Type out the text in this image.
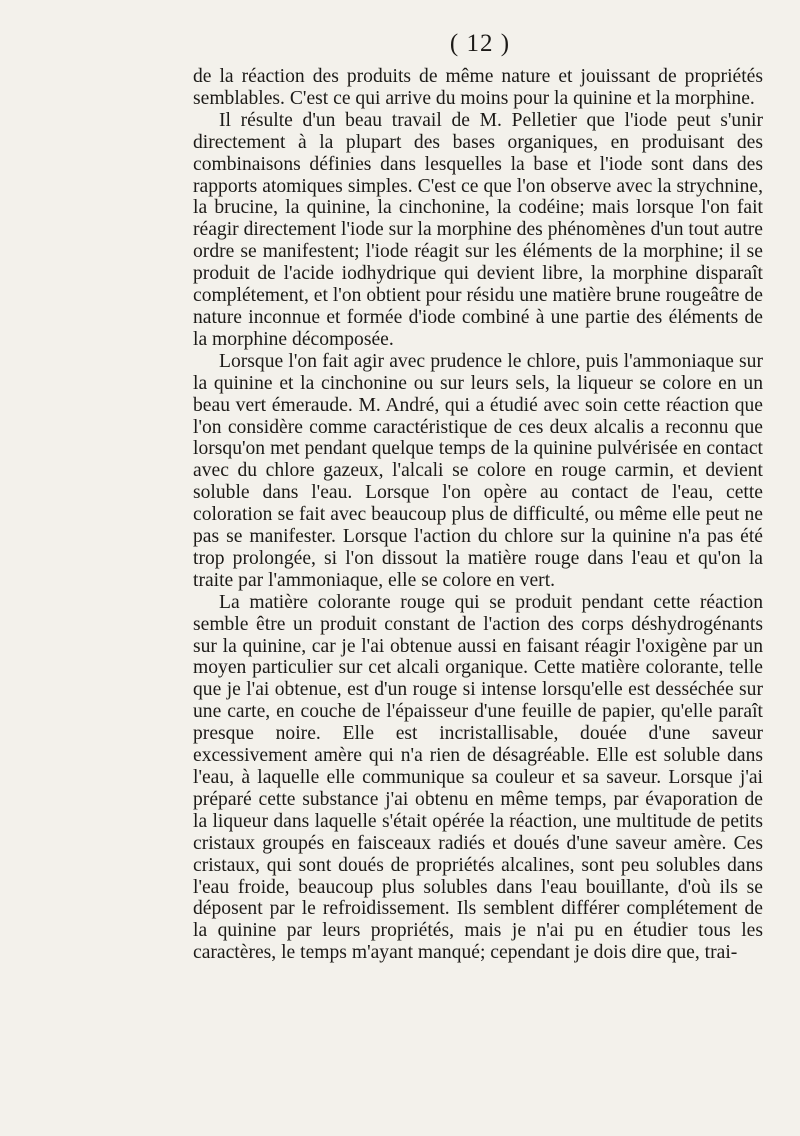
( 12 )

de la réaction des produits de même nature et jouissant de propriétés semblables. C'est ce qui arrive du moins pour la quinine et la morphine.

Il résulte d'un beau travail de M. Pelletier que l'iode peut s'unir directement à la plupart des bases organiques, en produisant des combinaisons définies dans lesquelles la base et l'iode sont dans des rapports atomiques simples. C'est ce que l'on observe avec la strychnine, la brucine, la quinine, la cinchonine, la codéine; mais lorsque l'on fait réagir directement l'iode sur la morphine des phénomènes d'un tout autre ordre se manifestent; l'iode réagit sur les éléments de la morphine; il se produit de l'acide iodhydrique qui devient libre, la morphine disparaît complétement, et l'on obtient pour résidu une matière brune rougeâtre de nature inconnue et formée d'iode combiné à une partie des éléments de la morphine décomposée.

Lorsque l'on fait agir avec prudence le chlore, puis l'ammoniaque sur la quinine et la cinchonine ou sur leurs sels, la liqueur se colore en un beau vert émeraude. M. André, qui a étudié avec soin cette réaction que l'on considère comme caractéristique de ces deux alcalis a reconnu que lorsqu'on met pendant quelque temps de la quinine pulvérisée en contact avec du chlore gazeux, l'alcali se colore en rouge carmin, et devient soluble dans l'eau. Lorsque l'on opère au contact de l'eau, cette coloration se fait avec beaucoup plus de difficulté, ou même elle peut ne pas se manifester. Lorsque l'action du chlore sur la quinine n'a pas été trop prolongée, si l'on dissout la matière rouge dans l'eau et qu'on la traite par l'ammoniaque, elle se colore en vert.

La matière colorante rouge qui se produit pendant cette réaction semble être un produit constant de l'action des corps déshydrogénants sur la quinine, car je l'ai obtenue aussi en faisant réagir l'oxigène par un moyen particulier sur cet alcali organique. Cette matière colorante, telle que je l'ai obtenue, est d'un rouge si intense lorsqu'elle est desséchée sur une carte, en couche de l'épaisseur d'une feuille de papier, qu'elle paraît presque noire. Elle est incristallisable, douée d'une saveur excessivement amère qui n'a rien de désagréable. Elle est soluble dans l'eau, à laquelle elle communique sa couleur et sa saveur. Lorsque j'ai préparé cette substance j'ai obtenu en même temps, par évaporation de la liqueur dans laquelle s'était opérée la réaction, une multitude de petits cristaux groupés en faisceaux radiés et doués d'une saveur amère. Ces cristaux, qui sont doués de propriétés alcalines, sont peu solubles dans l'eau froide, beaucoup plus solubles dans l'eau bouillante, d'où ils se déposent par le refroidissement. Ils semblent différer complétement de la quinine par leurs propriétés, mais je n'ai pu en étudier tous les caractères, le temps m'ayant manqué; cependant je dois dire que, trai-
